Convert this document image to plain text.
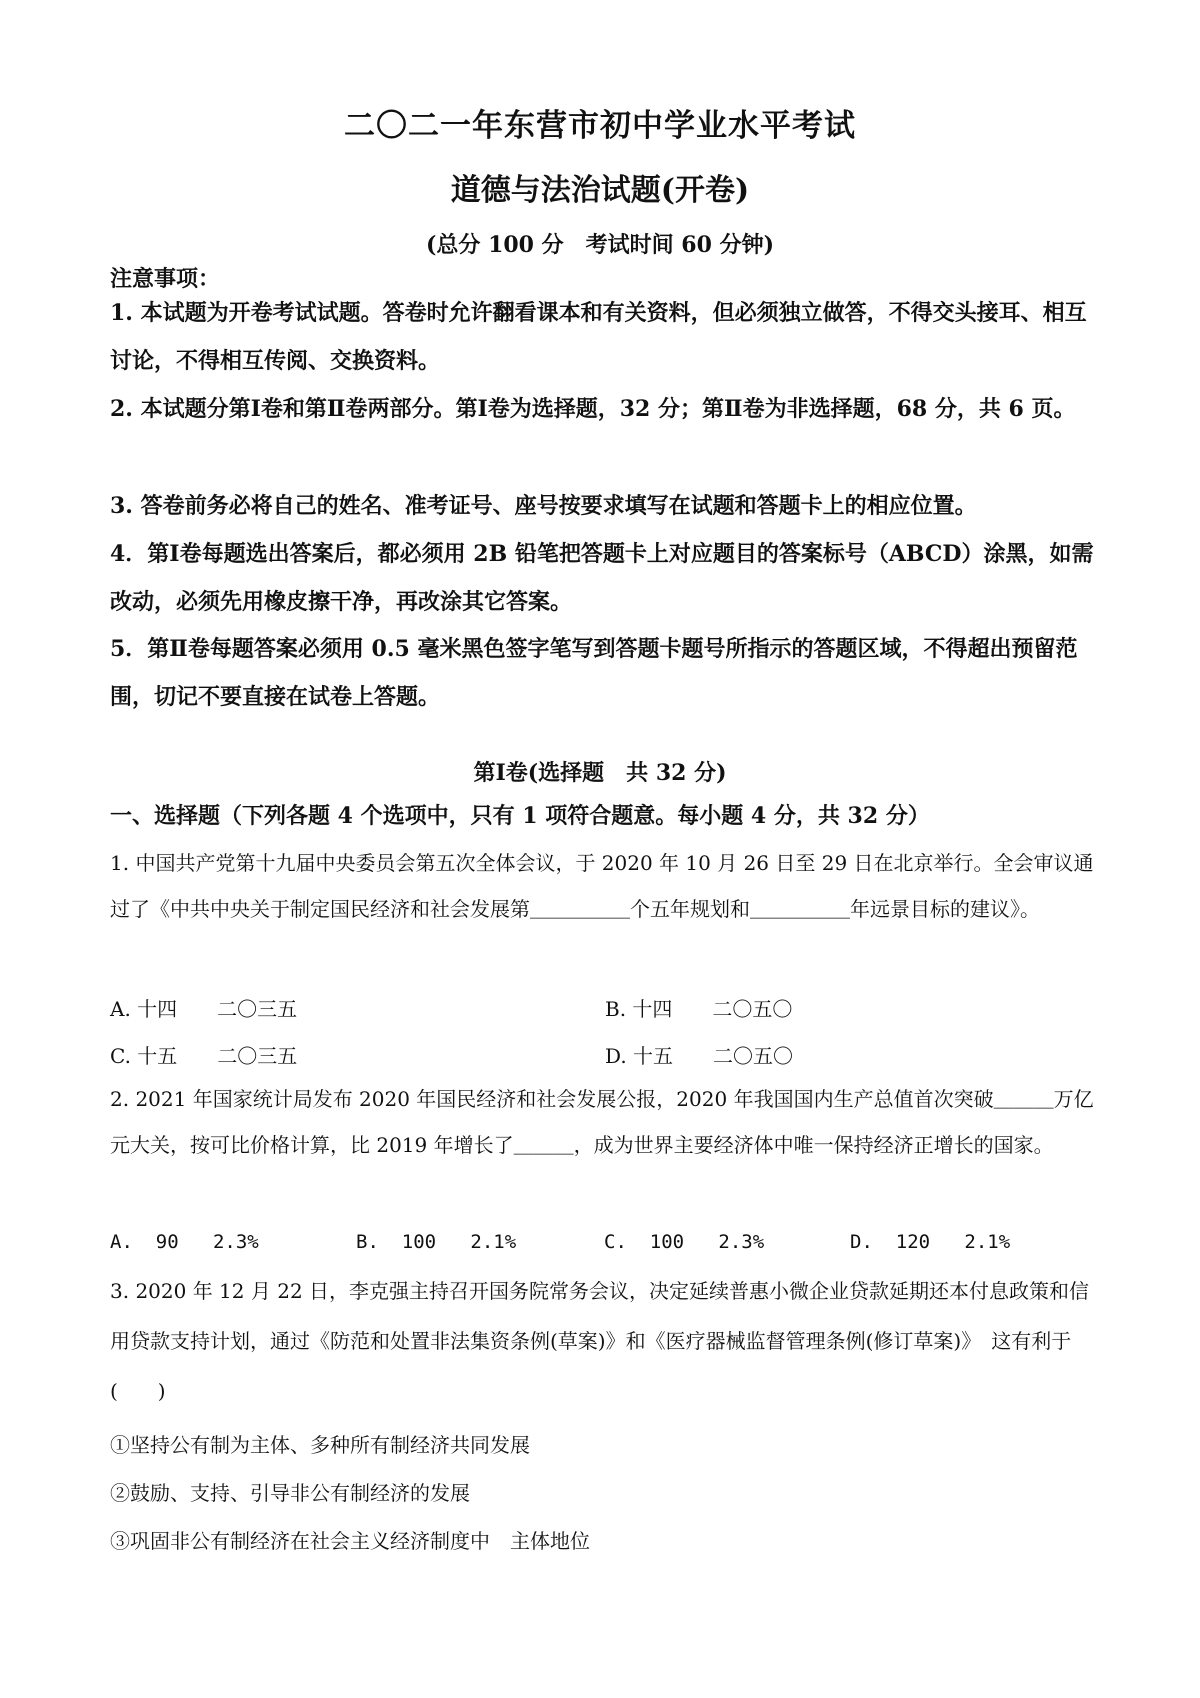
二〇二一年东营市初中学业水平考试
道德与法治试题(开卷)
(总分 100 分　考试时间 60 分钟)
注意事项：
1. 本试题为开卷考试试题。答卷时允许翻看课本和有关资料，但必须独立做答，不得交头接耳、相互讨论，不得相互传阅、交换资料。
2. 本试题分第Ⅰ卷和第Ⅱ卷两部分。第Ⅰ卷为选择题，32 分；第Ⅱ卷为非选择题，68 分，共 6 页。
3. 答卷前务必将自己的姓名、准考证号、座号按要求填写在试题和答题卡上的相应位置。
4．第Ⅰ卷每题选出答案后，都必须用 2B 铅笔把答题卡上对应题目的答案标号（ABCD）涂黑，如需改动，必须先用橡皮擦干净，再改涂其它答案。
5．第Ⅱ卷每题答案必须用 0.5 毫米黑色签字笔写到答题卡题号所指示的答题区域，不得超出预留范围，切记不要直接在试卷上答题。
第Ⅰ卷(选择题　共 32 分)
一、选择题（下列各题 4 个选项中，只有 1 项符合题意。每小题 4 分，共 32 分）
1. 中国共产党第十九届中央委员会第五次全体会议，于 2020 年 10 月 26 日至 29 日在北京举行。全会审议通过了《中共中央关于制定国民经济和社会发展第＿＿＿＿＿个五年规划和＿＿＿＿＿年远景目标的建议》。
A. 十四　　二〇三五	B. 十四　　二〇五〇
C. 十五　　二〇三五	D. 十五　　二〇五〇
2. 2021 年国家统计局发布 2020 年国民经济和社会发展公报，2020 年我国国内生产总值首次突破＿＿＿万亿元大关，按可比价格计算，比 2019 年增长了＿＿＿，成为世界主要经济体中唯一保持经济正增长的国家。
A.  90   2.3%	B.  100   2.1%	C.  100   2.3%	D.  120   2.1%
3. 2020 年 12 月 22 日，李克强主持召开国务院常务会议，决定延续普惠小微企业贷款延期还本付息政策和信用贷款支持计划，通过《防范和处置非法集资条例(草案)》和《医疗器械监督管理条例(修订草案)》　这有利于(　　)
①坚持公有制为主体、多种所有制经济共同发展
②鼓励、支持、引导非公有制经济的发展
③巩固非公有制经济在社会主义经济制度中　主体地位
